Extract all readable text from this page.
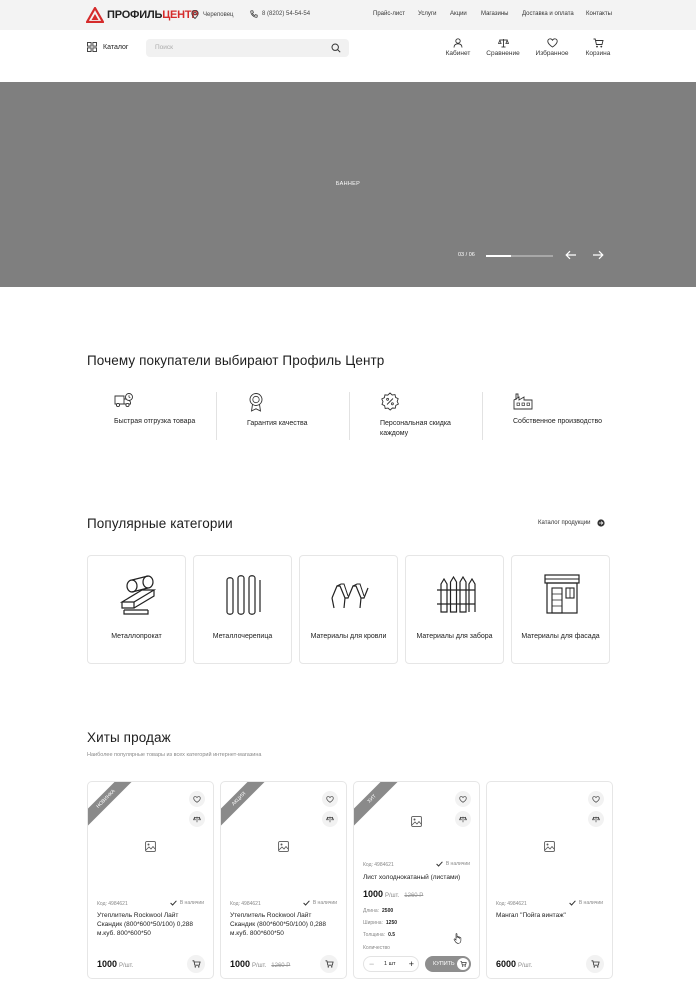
ПРОФИЛЬЦЕНТР Череповец	8 (8202) 54-54-54	Прайс-лист Услуги Акции Магазины Доставка и оплата Контакты
Каталог	Поиск
Кабинет	Сравнение	Избранное	Корзина
БАННЕР
03 / 06
Почему покупатели выбирают Профиль Центр
Быстрая отгрузка товара	Гарантия качества	Персональная скидка каждому
Собственное производство
Популярные категории	Каталог продукции
Металлопрокат	Металлочерепица	Материалы для кровли	Материалы для забора	Материалы для фасада
Хиты продаж
Наиболее популярные товары из всех категорий интернет-магазина
НОВИНКА
Код: 4984621	В наличии
Утеплитель Rockwool Лайт Скандик (800*600*50/100) 0,288 м.куб. 800*600*50
1000 Р/шт.
АКЦИЯ
Код: 4984621	В наличии
Утеплитель Rockwool Лайт Скандик (800*600*50/100) 0,288 м.куб. 800*600*50
1000 Р/шт. 1260 Р
ХИТ
Код: 4984621	В наличии
Лист холоднокатаный (листами)
1000 Р/шт. 1260 Р
Длина: 2500
Ширина: 1250
Толщина: 0.5
Количество
− 1 шт +	КУПИТЬ
Код: 4984621	В наличии
Мангал "Пойга винтаж"
6000 Р/шт.
